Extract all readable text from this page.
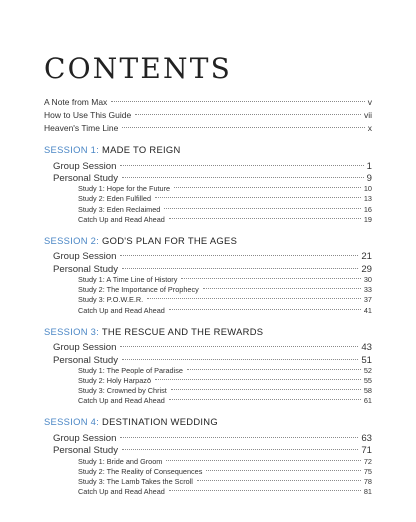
CONTENTS
A Note from Max	v
How to Use This Guide	vii
Heaven's Time Line	x
SESSION 1: MADE TO REIGN
Group Session	1
Personal Study	9
Study 1: Hope for the Future	10
Study 2: Eden Fulfilled	13
Study 3: Eden Reclaimed	16
Catch Up and Read Ahead	19
SESSION 2: GOD'S PLAN FOR THE AGES
Group Session	21
Personal Study	29
Study 1: A Time Line of History	30
Study 2: The Importance of Prophecy	33
Study 3: P.O.W.E.R.	37
Catch Up and Read Ahead	41
SESSION 3: THE RESCUE AND THE REWARDS
Group Session	43
Personal Study	51
Study 1: The People of Paradise	52
Study 2: Holy Harpazō	55
Study 3: Crowned by Christ	58
Catch Up and Read Ahead	61
SESSION 4: DESTINATION WEDDING
Group Session	63
Personal Study	71
Study 1: Bride and Groom	72
Study 2: The Reality of Consequences	75
Study 3: The Lamb Takes the Scroll	78
Catch Up and Read Ahead	81
